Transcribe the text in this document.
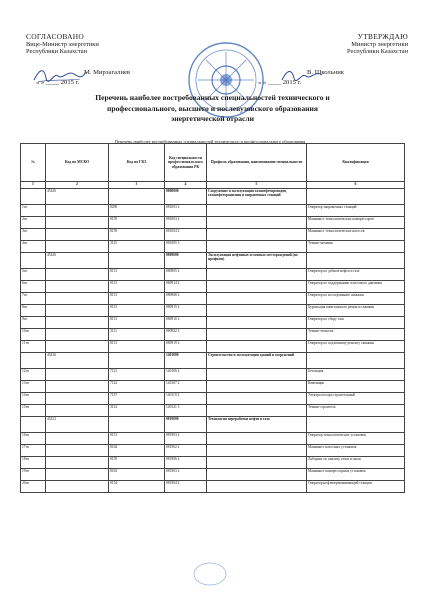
СОГЛАСОВАНО
Вице-Министр энергетики
Республики Казахстан
М. Мирзагалиев
« » ____ 2015 г.
УТВЕРЖДАЮ
Министр энергетики
Республики Казахстан
В. Школьник
« » ____ 2015 г.
Перечень наиболее востребованных специальностей технического и
профессионального, высшего и послевузовского образования
энергетической отрасли
Перечень наиболее востребованных специальностей технического и профессионального образования
№	Код по МСКО	Код по ГКЗ	Код специальности профессиональ ного образования РК	Профиль образования, наименование специальности	Квалификация
1	2	3	4	5	6
	45436		0808000	Сооружение и эксплуатация газонефтепроводов, газонефтехранилищ и заправочных станций	
1тп		8290	081003 2		Оператор заправочных станций
2тп		8159	081003 2		Машинист технологических компрессоров
3тп		8159	081004 2		Машинист технологических насосов
4тп		3115	081005 3		Техник-механик
	45436		0809000	Эксплуатация нефтяных и газовых месторождений (по профилю)	
5тп		8113	080905 2		Оператор по добыче нефти и газа
6тп		8113	080914 2		Оператор по поддержанию пластового давления
7тп		8113	080908 2		Оператор по исследованию скважин
8тп		8113	080915 2		Бурильщик капитального ремонта скважин
9тп		8113	080910 2		Оператор по сбору газа
10тп		3111	080922 3		Техник-технолог
11тп		8113	080919 2		Оператор по подземному ремонту скважин
	45416		1401000	Строительство и эксплуатация зданий и сооружений	
12тп		7121	140106 2		Бетонщик
13тп		7122	140107 2		Каменщик
14тп		7137	140119 2		Электрослесарь строительный
15тп		3112	140121 3		Техник-строитель
	45412		0819000	Технология переработки нефти и газа	
16тп		8151	081903 2		Оператор технологических установок
17тп		8162	081902 2		Машинист насосных установок
18тп		8159	081906 2		Лаборант по анализу газов и пыли
19тп		8163	081903 2		Машинист компрессорных установок
20тп		8154	081904 2		Оператор нефтеперекачивающей станции
